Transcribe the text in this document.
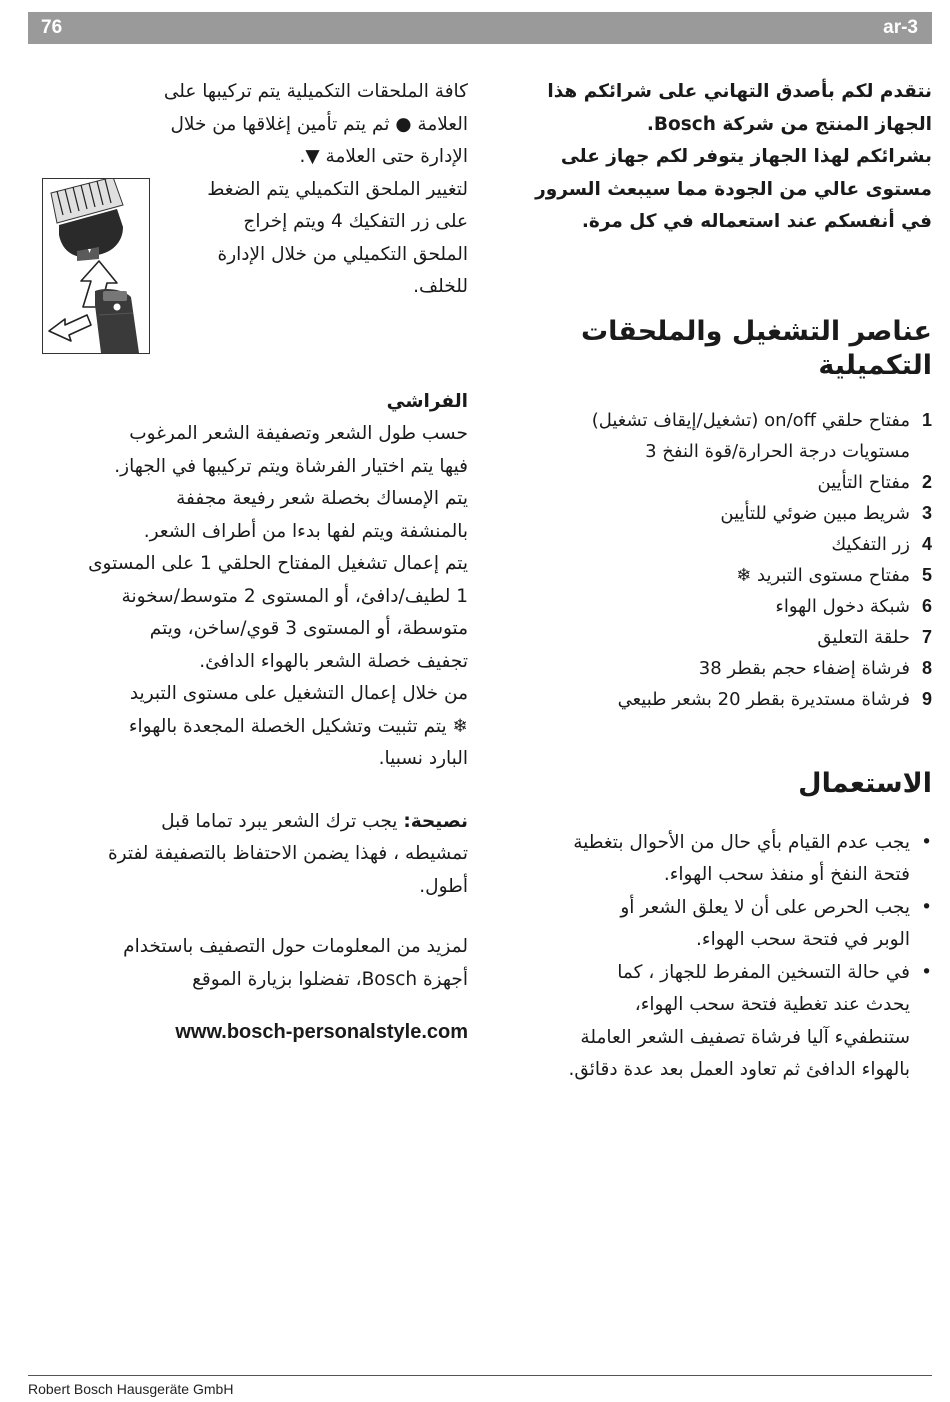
76	ar-3

نتقدم لكم بأصدق التهاني على شرائكم هذا

الجهاز المنتج من شركة Bosch.

بشرائكم لهذا الجهاز يتوفر لكم جهاز على

مستوى عالي من الجودة مما سيبعث السرور

في أنفسكم عند استعماله في كل مرة.

عناصر التشغيل والملحقات التكميلية
1
مفتاح حلقي on/off (تشغيل/إيقاف تشغيل)
مستويات درجة الحرارة/قوة النفخ 3
2
مفتاح التأيين
3
شريط مبين ضوئي للتأيين
4
زر التفكيك
5
مفتاح مستوى التبريد ❄
6
شبكة دخول الهواء
7
حلقة التعليق
8
فرشاة إضفاء حجم بقطر 38
9
فرشاة مستديرة بقطر 20 بشعر طبيعي
الاستعمال
•
يجب عدم القيام بأي حال من الأحوال بتغطية
فتحة النفخ أو منفذ سحب الهواء.
•
يجب الحرص على أن لا يعلق الشعر أو
الوبر في فتحة سحب الهواء.
•
في حالة التسخين المفرط للجهاز ، كما
يحدث عند تغطية فتحة سحب الهواء،
ستنطفيء آليا فرشاة تصفيف الشعر العاملة
بالهواء الدافئ ثم تعاود العمل بعد عدة دقائق.

كافة الملحقات التكميلية يتم تركيبها على

العلامة ● ثم يتم تأمين إغلاقها من خلال

الإدارة حتى العلامة ▼.

لتغيير الملحق التكميلي يتم الضغط

على زر التفكيك 4 ويتم إخراج

الملحق التكميلي من خلال الإدارة

للخلف.

الفراشي

حسب طول الشعر وتصفيفة الشعر المرغوب

فيها يتم اختيار الفرشاة ويتم تركيبها في الجهاز.

يتم الإمساك بخصلة شعر رفيعة مجففة

بالمنشفة ويتم لفها بدءا من أطراف الشعر.

يتم إعمال تشغيل المفتاح الحلقي 1 على المستوى

1 لطيف/دافئ، أو المستوى 2 متوسط/سخونة

متوسطة، أو المستوى 3 قوي/ساخن، ويتم

تجفيف خصلة الشعر بالهواء الدافئ.

من خلال إعمال التشغيل على مستوى التبريد

❄ يتم تثبيت وتشكيل الخصلة المجعدة بالهواء

البارد نسبيا.

نصيحة: يجب ترك الشعر يبرد تماما قبل

تمشيطه ، فهذا يضمن الاحتفاظ بالتصفيفة لفترة

أطول.

لمزيد من المعلومات حول التصفيف باستخدام

أجهزة Bosch، تفضلوا بزيارة الموقع

www.bosch-personalstyle.com

Robert Bosch Hausgeräte GmbH
